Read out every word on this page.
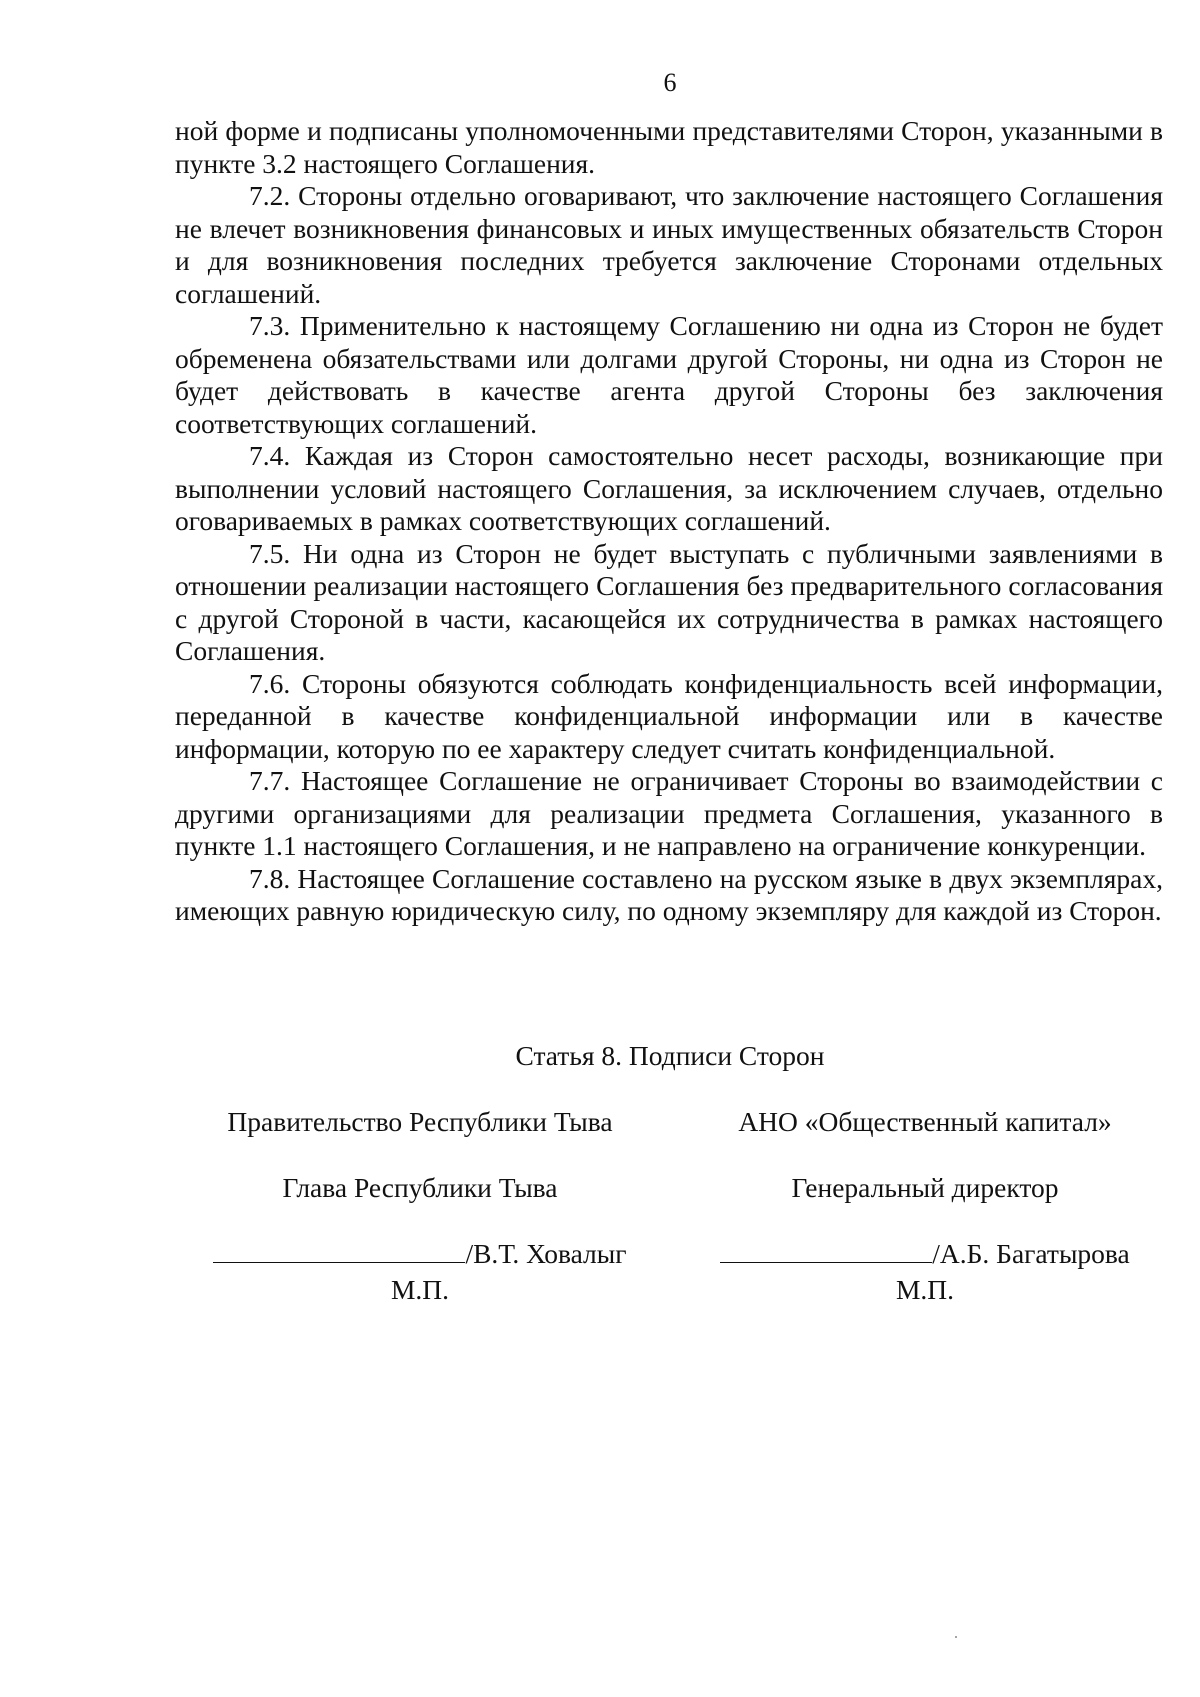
6

ной форме и подписаны уполномоченными представителями Сторон, указанными в пункте 3.2 настоящего Соглашения.

7.2. Стороны отдельно оговаривают, что заключение настоящего Соглашения не влечет возникновения финансовых и иных имущественных обязательств Сторон и для возникновения последних требуется заключение Сторонами отдельных соглашений.

7.3. Применительно к настоящему Соглашению ни одна из Сторон не будет обременена обязательствами или долгами другой Стороны, ни одна из Сторон не будет действовать в качестве агента другой Стороны без заключения соответствующих соглашений.

7.4. Каждая из Сторон самостоятельно несет расходы, возникающие при выполнении условий настоящего Соглашения, за исключением случаев, отдельно оговариваемых в рамках соответствующих соглашений.

7.5. Ни одна из Сторон не будет выступать с публичными заявлениями в отношении реализации настоящего Соглашения без предварительного согласования с другой Стороной в части, касающейся их сотрудничества в рамках настоящего Соглашения.

7.6. Стороны обязуются соблюдать конфиденциальность всей информации, переданной в качестве конфиденциальной информации или в качестве информации, которую по ее характеру следует считать конфиденциальной.

7.7. Настоящее Соглашение не ограничивает Стороны во взаимодействии с другими организациями для реализации предмета Соглашения, указанного в пункте 1.1 настоящего Соглашения, и не направлено на ограничение конкуренции.

7.8. Настоящее Соглашение составлено на русском языке в двух экземплярах, имеющих равную юридическую силу, по одному экземпляру для каждой из Сторон.

Статья 8. Подписи Сторон
Правительство Республики Тыва
Глава Республики Тыва
/В.Т. Ховалыг
М.П.
АНО «Общественный капитал»
Генеральный директор
/А.Б. Багатырова
М.П.
